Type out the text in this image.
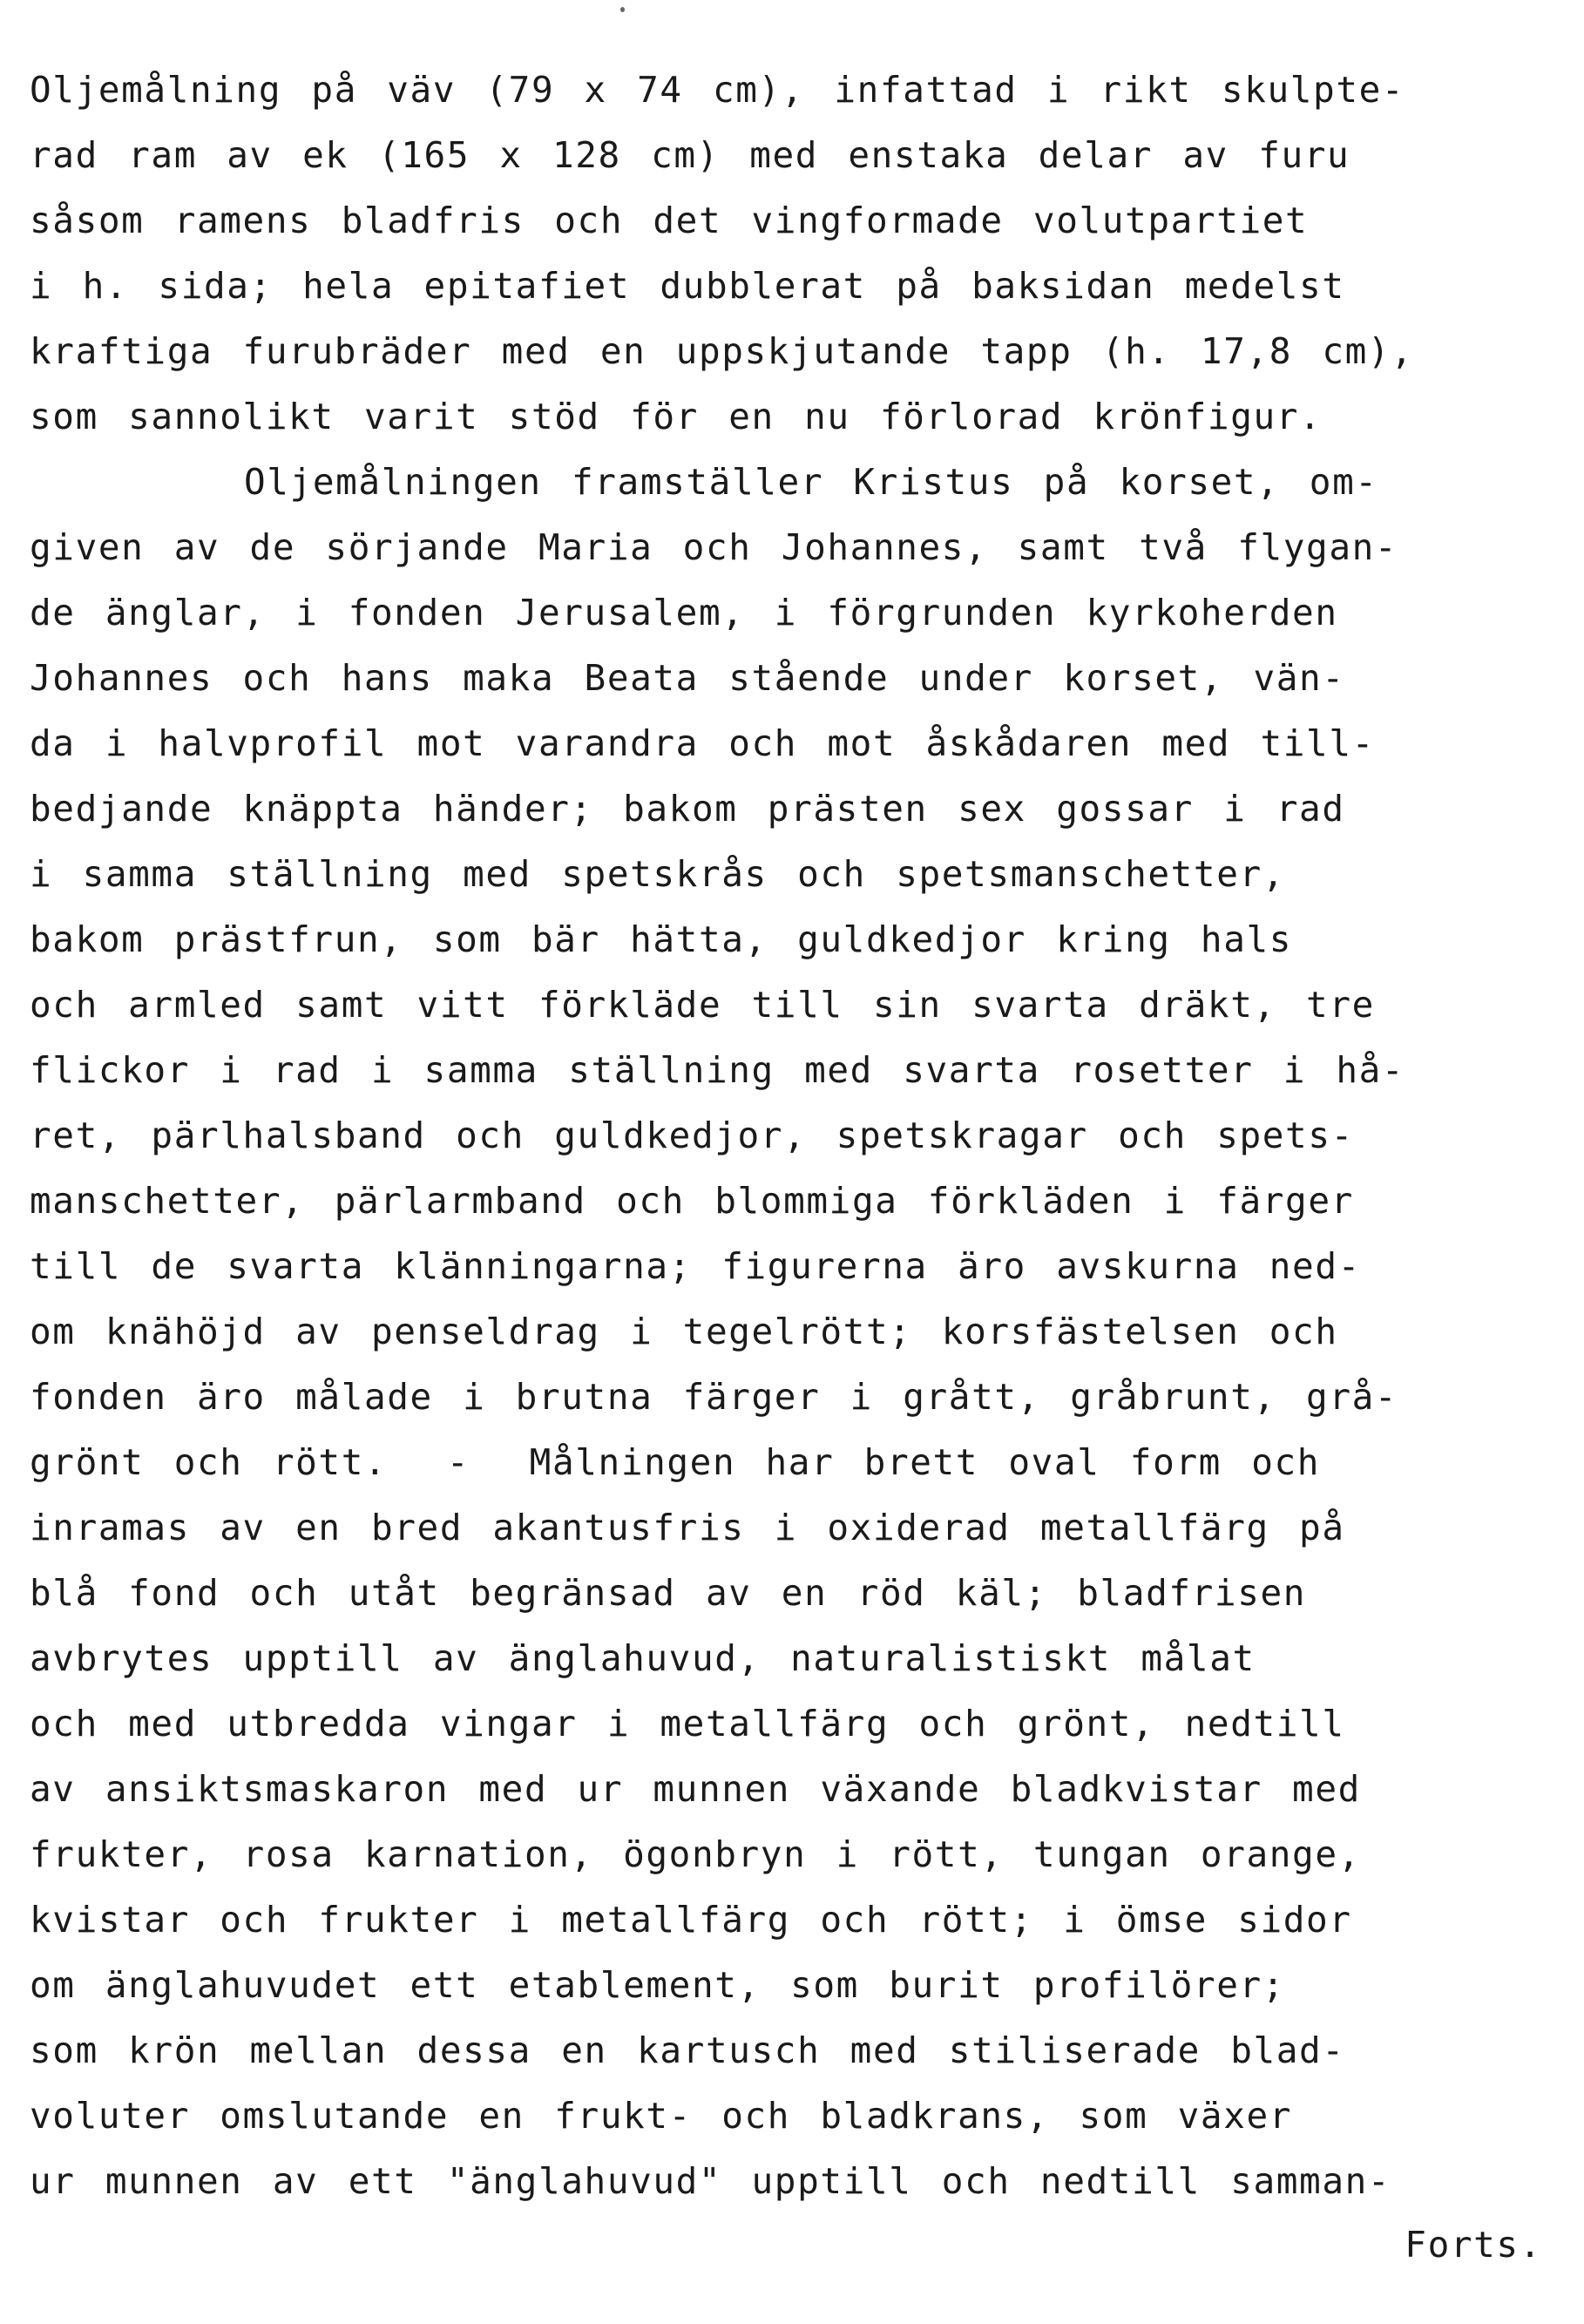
Oljemålning på väv (79 x 74 cm), infattad i rikt skulpte-
rad ram av ek (165 x 128 cm) med enstaka delar av furu
såsom ramens bladfris och det vingformade volutpartiet
i h. sida; hela epitafiet dubblerat på baksidan medelst
kraftiga furubräder med en uppskjutande tapp (h. 17,8 cm),
som sannolikt varit stöd för en nu förlorad krönfigur.
Oljemålningen framställer Kristus på korset, om-
given av de sörjande Maria och Johannes, samt två flygan-
de änglar, i fonden Jerusalem, i förgrunden kyrkoherden
Johannes och hans maka Beata stående under korset, vän-
da i halvprofil mot varandra och mot åskådaren med till-
bedjande knäppta händer; bakom prästen sex gossar i rad
i samma ställning med spetskrås och spetsmanschetter,
bakom prästfrun, som bär hätta, guldkedjor kring hals
och armled samt vitt förkläde till sin svarta dräkt, tre
flickor i rad i samma ställning med svarta rosetter i hå-
ret, pärlhalsband och guldkedjor, spetskragar och spets-
manschetter, pärlarmband och blommiga förkläden i färger
till de svarta klänningarna; figurerna äro avskurna ned-
om knähöjd av penseldrag i tegelrött; korsfästelsen och
fonden äro målade i brutna färger i grått, gråbrunt, grå-
grönt och rött.  -  Målningen har brett oval form och
inramas av en bred akantusfris i oxiderad metallfärg på
blå fond och utåt begränsad av en röd käl; bladfrisen
avbrytes upptill av änglahuvud, naturalistiskt målat
och med utbredda vingar i metallfärg och grönt, nedtill
av ansiktsmaskaron med ur munnen växande bladkvistar med
frukter, rosa karnation, ögonbryn i rött, tungan orange,
kvistar och frukter i metallfärg och rött; i ömse sidor
om änglahuvudet ett etablement, som burit profilörer;
som krön mellan dessa en kartusch med stiliserade blad-
voluter omslutande en frukt- och bladkrans, som växer
ur munnen av ett "änglahuvud" upptill och nedtill samman-
Forts.
